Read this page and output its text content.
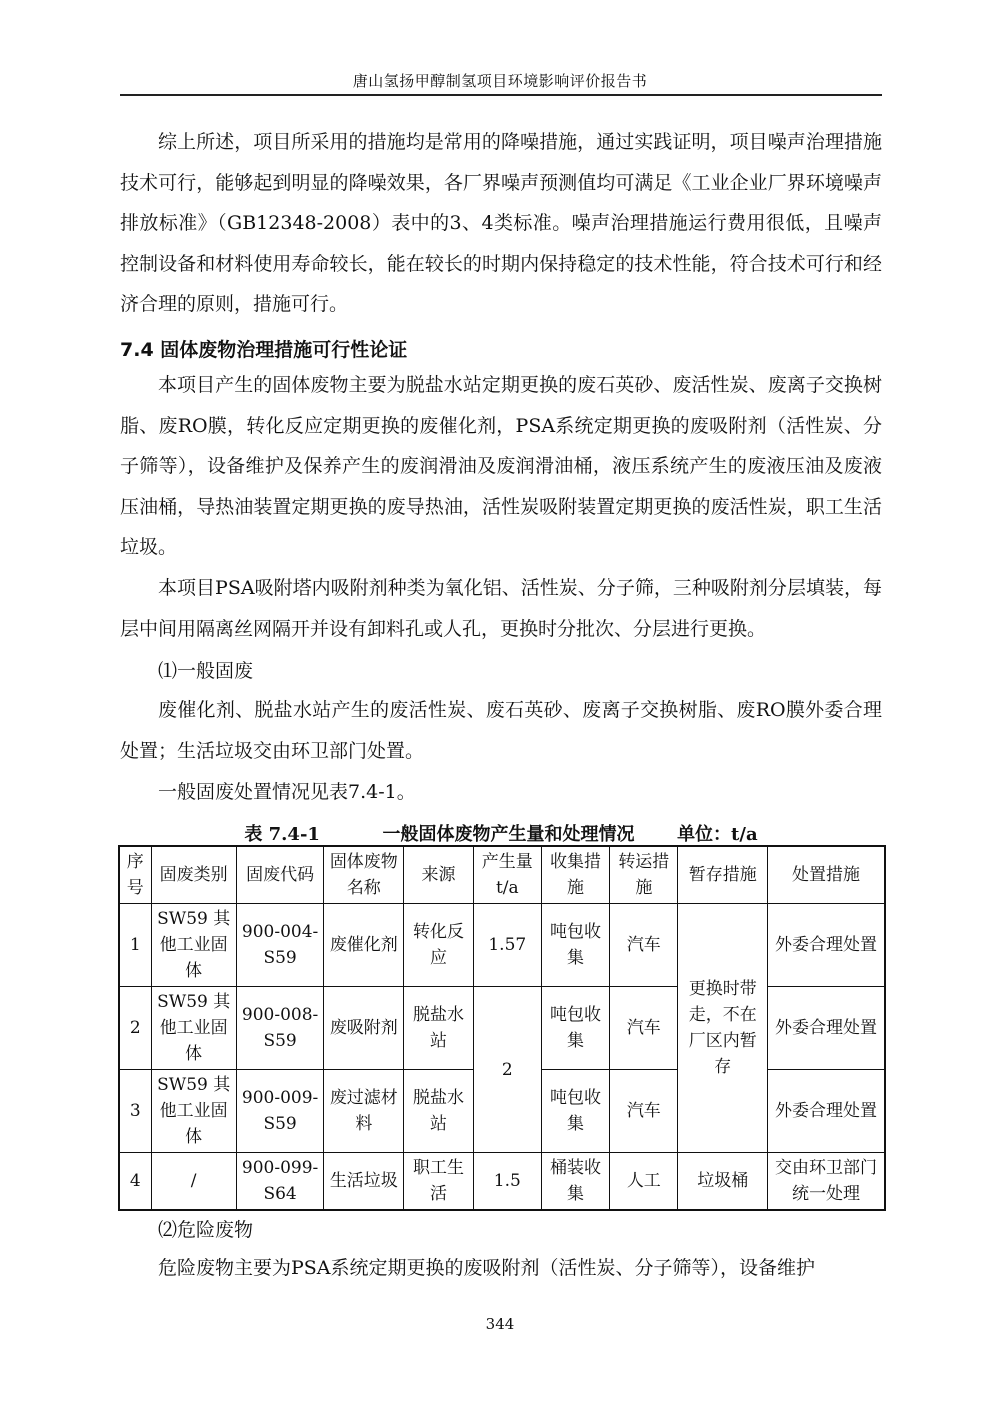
唐山氢扬甲醇制氢项目环境影响评价报告书

综上所述，项目所采用的措施均是常用的降噪措施，通过实践证明，项目噪声治理措施技术可行，能够起到明显的降噪效果，各厂界噪声预测值均可满足《工业企业厂界环境噪声排放标准》（GB12348-2008）表中的3、4类标准。噪声治理措施运行费用很低，且噪声控制设备和材料使用寿命较长，能在较长的时期内保持稳定的技术性能，符合技术可行和经济合理的原则，措施可行。

7.4 固体废物治理措施可行性论证

本项目产生的固体废物主要为脱盐水站定期更换的废石英砂、废活性炭、废离子交换树脂、废RO膜，转化反应定期更换的废催化剂，PSA系统定期更换的废吸附剂（活性炭、分子筛等），设备维护及保养产生的废润滑油及废润滑油桶，液压系统产生的废液压油及废液压油桶，导热油装置定期更换的废导热油，活性炭吸附装置定期更换的废活性炭，职工生活垃圾。

本项目PSA吸附塔内吸附剂种类为氧化铝、活性炭、分子筛，三种吸附剂分层填装，每层中间用隔离丝网隔开并设有卸料孔或人孔，更换时分批次、分层进行更换。

⑴一般固废

废催化剂、脱盐水站产生的废活性炭、废石英砂、废离子交换树脂、废RO膜外委合理处置；生活垃圾交由环卫部门处置。

一般固废处置情况见表7.4-1。

表 7.4-1	一般固体废物产生量和处理情况 单位：t/a
序号	固废类别	固废代码	固体废物名称	来源	产生量 t/a	收集措施	转运措施	暂存措施	处置措施
1	SW59 其他工业固体	900-004-S59	废催化剂	转化反应	1.57	吨包收集	汽车	更换时带走，不在厂区内暂存	外委合理处置
2	SW59 其他工业固体	900-008-S59	废吸附剂	脱盐水站	2	吨包收集	汽车		外委合理处置
3	SW59 其他工业固体	900-009-S59	废过滤材料	脱盐水站		吨包收集	汽车		外委合理处置
4	/	900-099-S64	生活垃圾	职工生活	1.5	桶装收集	人工	垃圾桶	交由环卫部门统一处理
⑵危险废物

危险废物主要为PSA系统定期更换的废吸附剂（活性炭、分子筛等），设备维护

344
